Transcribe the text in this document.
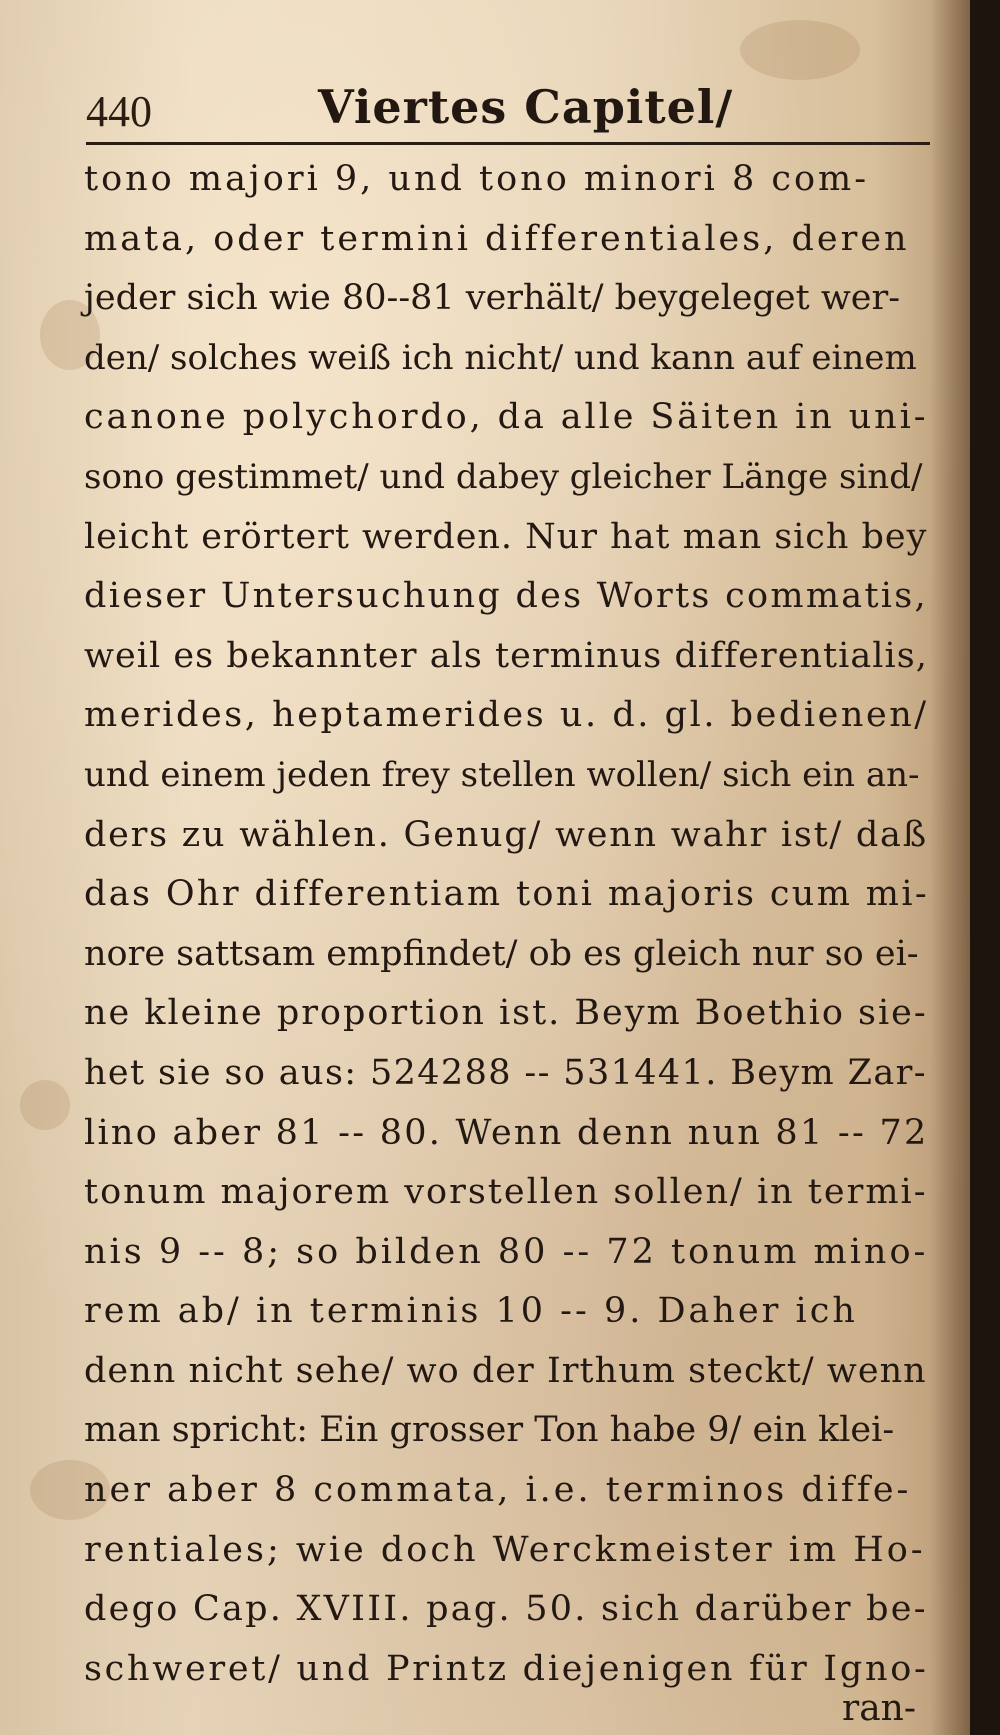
440	Viertes Capitel/
tono majori 9, und tono minori 8 com-
mata, oder termini differentiales, deren
jeder sich wie 80--81 verhält/ beygeleget wer-
den/ solches weiß ich nicht/ und kann auf einem
canone polychordo, da alle Säiten in uni-
sono gestimmet/ und dabey gleicher Länge sind/
leicht erörtert werden. Nur hat man sich bey
dieser Untersuchung des Worts commatis,
weil es bekannter als terminus differentialis,
merides, heptamerides u. d. gl. bedienen/
und einem jeden frey stellen wollen/ sich ein an-
ders zu wählen. Genug/ wenn wahr ist/ daß
das Ohr differentiam toni majoris cum mi-
nore sattsam empfindet/ ob es gleich nur so ei-
ne kleine proportion ist. Beym Boethio sie-
het sie so aus: 524288 -- 531441. Beym Zar-
lino aber 81 -- 80. Wenn denn nun 81 -- 72
tonum majorem vorstellen sollen/ in termi-
nis 9 -- 8; so bilden 80 -- 72 tonum mino-
rem ab/ in terminis 10 -- 9. Daher ich
denn nicht sehe/ wo der Irthum steckt/ wenn
man spricht: Ein grosser Ton habe 9/ ein klei-
ner aber 8 commata, i.e. terminos diffe-
rentiales; wie doch Werckmeister im Ho-
dego Cap. XVIII. pag. 50. sich darüber be-
schweret/ und Printz diejenigen für Igno-
ran-
